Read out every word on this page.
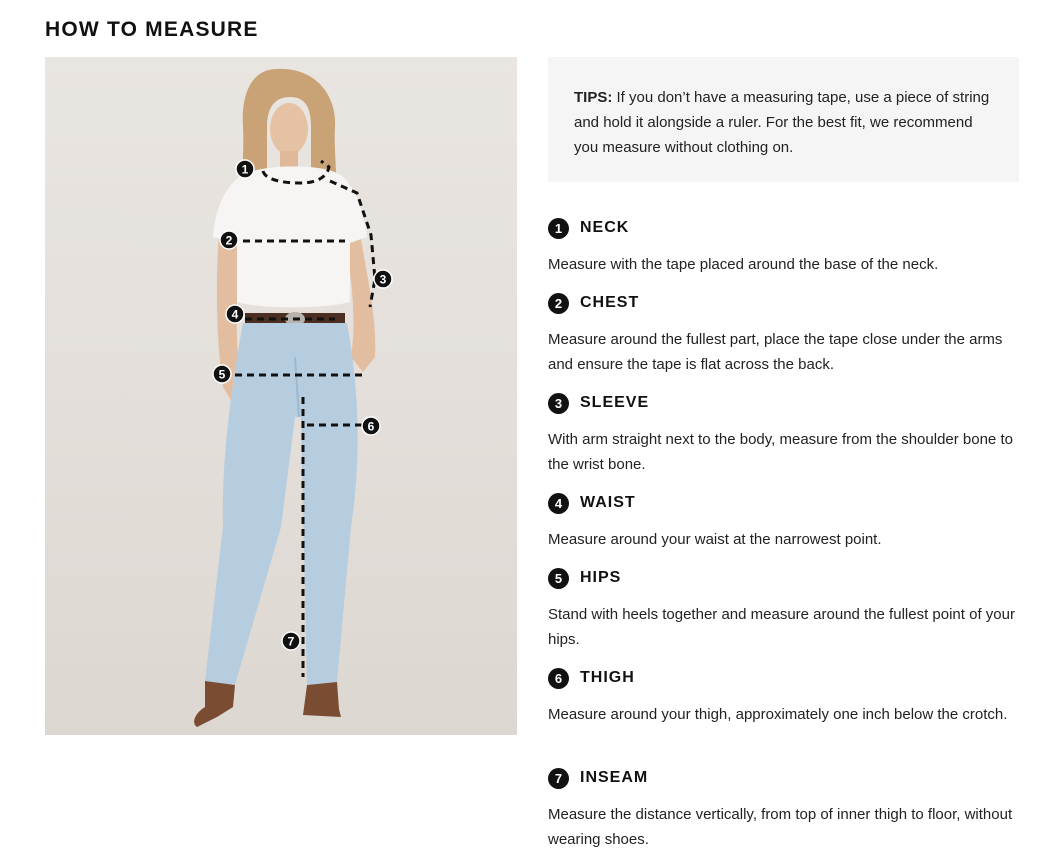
HOW TO MEASURE
1
2
3
4
5
6
7
TIPS: If you don’t have a measuring tape, use a piece of string and hold it alongside a ruler. For the best fit, we recommend you measure without clothing on.
1	NECK

Measure with the tape placed around the base of the neck.

2	CHEST

Measure around the fullest part, place the tape close under the arms and ensure the tape is flat across the back.

3	SLEEVE

With arm straight next to the body, measure from the shoulder bone to the wrist bone.

4	WAIST

Measure around your waist at the narrowest point.

5	HIPS

Stand with heels together and measure around the fullest point of your hips.

6	THIGH

Measure around your thigh, approximately one inch below the crotch.

7	INSEAM

Measure the distance vertically, from top of inner thigh to floor, without wearing shoes.
